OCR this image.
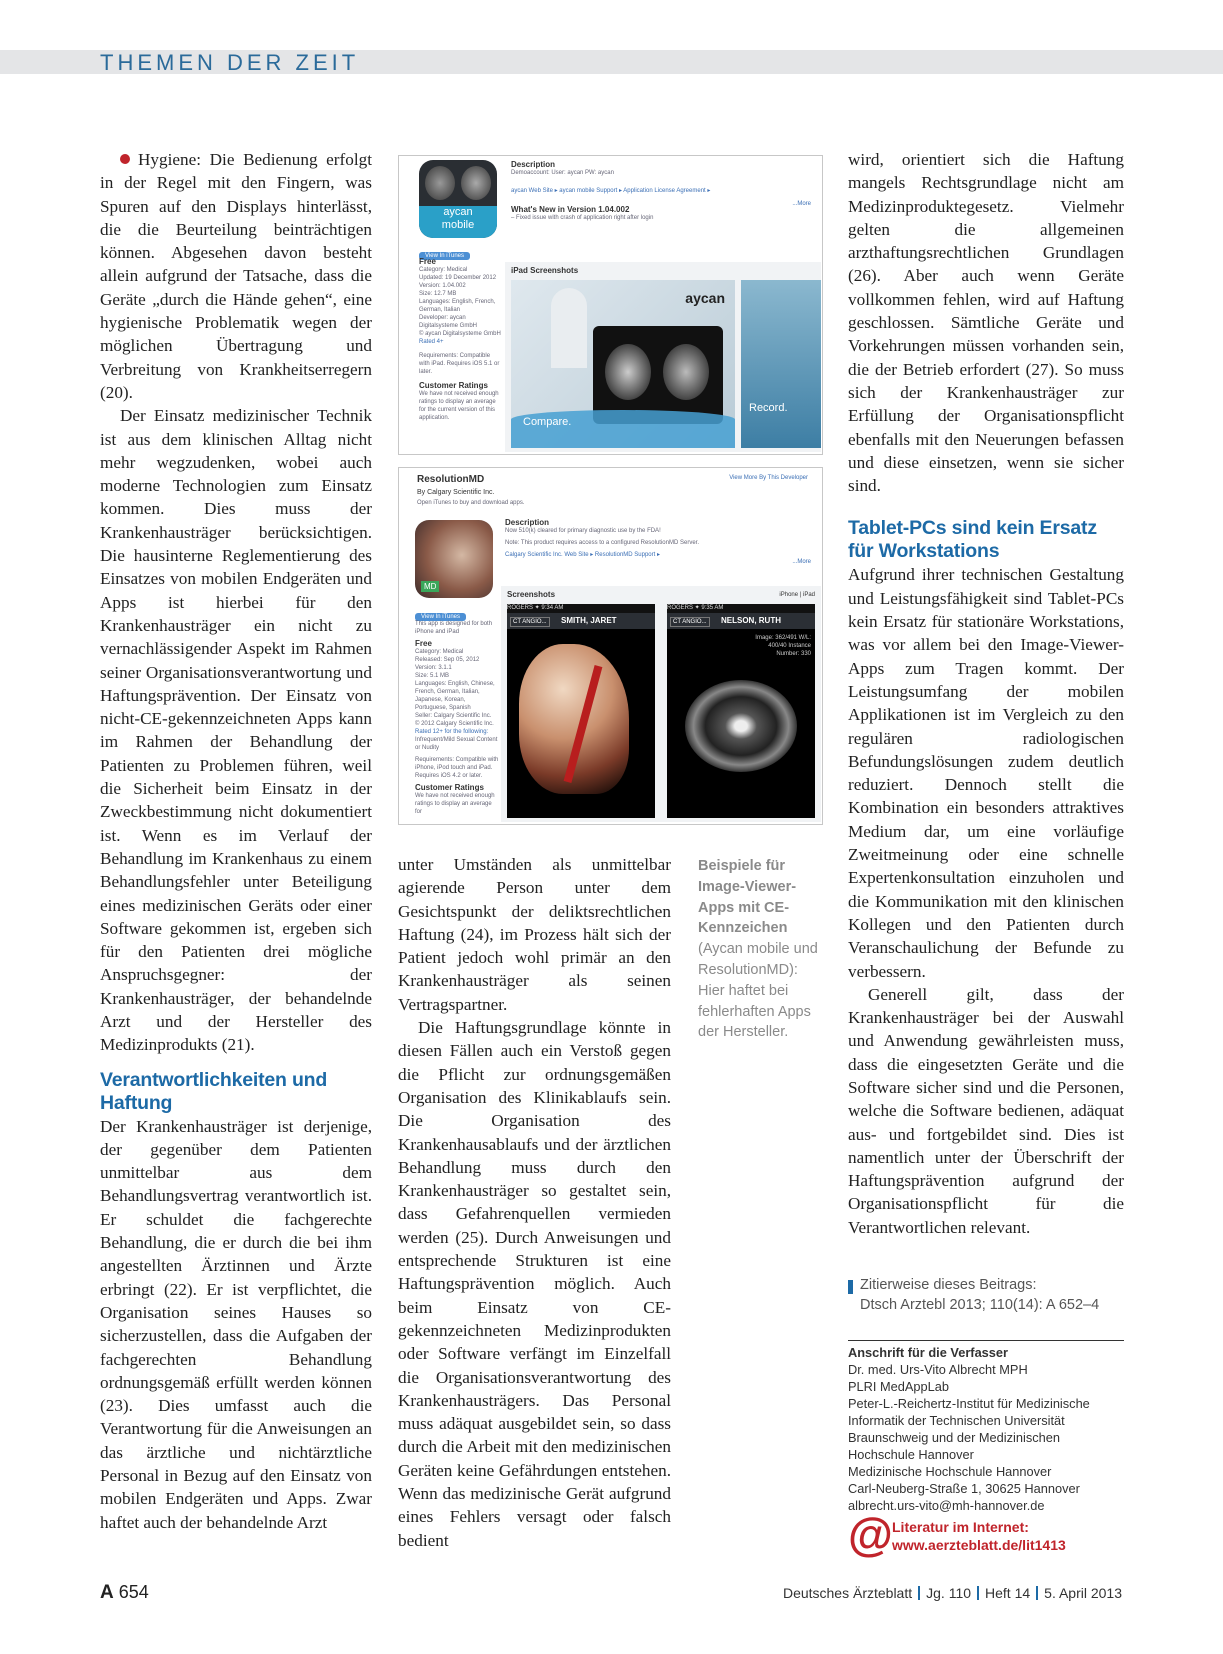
THEMEN DER ZEIT

Hygiene: Die Bedienung erfolgt in der Regel mit den Fingern, was Spuren auf den Displays hinterlässt, die die Beurteilung beinträchtigen können. Abgesehen davon besteht allein aufgrund der Tatsache, dass die Geräte „durch die Hände gehen“, eine hygienische Problematik wegen der möglichen Übertragung und Verbreitung von Krankheitserregern (20).

Der Einsatz medizinischer Technik ist aus dem klinischen Alltag nicht mehr wegzudenken, wobei auch moderne Technologien zum Einsatz kommen. Dies muss der Krankenhausträger berücksichtigen. Die hausinterne Reglementierung des Einsatzes von mobilen Endgeräten und Apps ist hierbei für den Krankenhausträger ein nicht zu vernachlässigender Aspekt im Rahmen seiner Organisationsverantwortung und Haftungsprävention. Der Einsatz von nicht-CE-gekennzeichneten Apps kann im Rahmen der Behandlung der Patienten zu Problemen führen, weil die Sicherheit beim Einsatz in der Zweckbestimmung nicht dokumentiert ist. Wenn es im Verlauf der Behandlung im Krankenhaus zu einem Behandlungsfehler unter Beteiligung eines medizinischen Geräts oder einer Software gekommen ist, ergeben sich für den Patienten drei mögliche Anspruchsgegner: der Krankenhausträger, der behandelnde Arzt und der Hersteller des Medizinprodukts (21).

Verantwortlichkeiten und Haftung

Der Krankenhausträger ist derjenige, der gegenüber dem Patienten unmittelbar aus dem Behandlungsvertrag verantwortlich ist. Er schuldet die fachgerechte Behandlung, die er durch die bei ihm angestellten Ärztinnen und Ärzte erbringt (22). Er ist verpflichtet, die Organisation seines Hauses so sicherzustellen, dass die Aufgaben der fachgerechten Behandlung ordnungsgemäß erfüllt werden können (23). Dies umfasst auch die Verantwortung für die Anweisungen an das ärztliche und nichtärztliche Personal in Bezug auf den Einsatz von mobilen Endgeräten und Apps. Zwar haftet auch der behandelnde Arzt

aycan
mobile
View In iTunes
Free
Category: Medical
Updated: 19 December 2012
Version: 1.04.002
Size: 12.7 MB
Languages: English, French, German, Italian
Developer: aycan Digitalsysteme GmbH
© aycan Digitalsysteme GmbH
Rated 4+
Requirements: Compatible with iPad. Requires iOS 5.1 or later.
Customer Ratings
We have not received enough ratings to display an average for the current version of this application.
Description
Demoaccount: User: aycan PW: aycan
aycan Web Site ▸ aycan mobile Support ▸ Application License Agreement ▸
...More
What's New in Version 1.04.002
– Fixed issue with crash of application right after login
iPad Screenshots
aycan
Compare.
Record.
ResolutionMD
By Calgary Scientific Inc.
Open iTunes to buy and download apps.
View More By This Developer
MD
View In iTunes
This app is designed for both iPhone and iPad
Free
Category: Medical
Released: Sep 05, 2012
Version: 3.1.1
Size: 5.1 MB
Languages: English, Chinese, French, German, Italian, Japanese, Korean, Portuguese, Spanish
Seller: Calgary Scientific Inc.
© 2012 Calgary Scientific Inc.
Rated 12+ for the following:
Infrequent/Mild Sexual Content or Nudity
Requirements: Compatible with iPhone, iPod touch and iPad. Requires iOS 4.2 or later.
Customer Ratings
We have not received enough ratings to display an average for
Description
Now 510(k) cleared for primary diagnostic use by the FDA!
Note: This product requires access to a configured ResolutionMD Server.
Calgary Scientific Inc. Web Site ▸ ResolutionMD Support ▸
...More
Screenshots	iPhone | iPad
ROGERS ✦ 9:34 AM
CT ANGIO...	SMITH, JARET
ROGERS ✦ 9:35 AM
CT ANGIO...	NELSON, RUTH
Image: 362/491 W/L: 400/40 Instance Number: 330
Beispiele für Image-Viewer-Apps mit CE-Kennzeichen (Aycan mobile und ResolutionMD): Hier haftet bei fehlerhaften Apps der Hersteller.

unter Umständen als unmittelbar agierende Person unter dem Gesichtspunkt der deliktsrechtlichen Haftung (24), im Prozess hält sich der Patient jedoch wohl primär an den Krankenhausträger als seinen Vertragspartner.

Die Haftungsgrundlage könnte in diesen Fällen auch ein Verstoß gegen die Pflicht zur ordnungsgemäßen Organisation des Klinikablaufs sein. Die Organisation des Krankenhausablaufs und der ärztlichen Behandlung muss durch den Krankenhausträger so gestaltet sein, dass Gefahrenquellen vermieden werden (25). Durch Anweisungen und entsprechende Strukturen ist eine Haftungsprävention möglich. Auch beim Einsatz von CE-gekennzeichneten Medizinprodukten oder Software verfängt im Einzelfall die Organisationsverantwortung des Krankenhausträgers. Das Personal muss adäquat ausgebildet sein, so dass durch die Arbeit mit den medizinischen Geräten keine Gefährdungen entstehen. Wenn das medizinische Gerät aufgrund eines Fehlers versagt oder falsch bedient

wird, orientiert sich die Haftung mangels Rechtsgrundlage nicht am Medizinproduktegesetz. Vielmehr gelten die allgemeinen arzthaftungsrechtlichen Grundlagen (26). Aber auch wenn Geräte vollkommen fehlen, wird auf Haftung geschlossen. Sämtliche Geräte und Vorkehrungen müssen vorhanden sein, die der Betrieb erfordert (27). So muss sich der Krankenhausträger zur Erfüllung der Organisationspflicht ebenfalls mit den Neuerungen befassen und diese einsetzen, wenn sie sicher sind.

Tablet-PCs sind kein Ersatz für Workstations

Aufgrund ihrer technischen Gestaltung und Leistungsfähigkeit sind Tablet-PCs kein Ersatz für stationäre Workstations, was vor allem bei den Image-Viewer-Apps zum Tragen kommt. Der Leistungsumfang der mobilen Applikationen ist im Vergleich zu den regulären radiologischen Befundungslösungen zudem deutlich reduziert. Dennoch stellt die Kombination ein besonders attraktives Medium dar, um eine vorläufige Zweitmeinung oder eine schnelle Expertenkonsultation einzuholen und die Kommunikation mit den klinischen Kollegen und den Patienten durch Veranschaulichung der Befunde zu verbessern.

Generell gilt, dass der Krankenhausträger bei der Auswahl und Anwendung gewährleisten muss, dass die eingesetzten Geräte und die Software sicher sind und die Personen, welche die Software bedienen, adäquat aus- und fortgebildet sind. Dies ist namentlich unter der Überschrift der Haftungsprävention aufgrund der Organisationspflicht für die Verantwortlichen relevant.

Zitierweise dieses Beitrags:
Dtsch Arztebl 2013; 110(14): A 652–4
Anschrift für die Verfasser
Dr. med. Urs-Vito Albrecht MPH
PLRI MedAppLab
Peter-L.-Reichertz-Institut für Medizinische Informatik der Technischen Universität Braunschweig und der Medizinischen Hochschule Hannover
Medizinische Hochschule Hannover
Carl-Neuberg-Straße 1, 30625 Hannover
albrecht.urs-vito@mh-hannover.de
@ Literatur im Internet:
www.aerzteblatt.de/lit1413
A 654	Deutsches Ärzteblatt Jg. 110 Heft 14 5. April 2013
